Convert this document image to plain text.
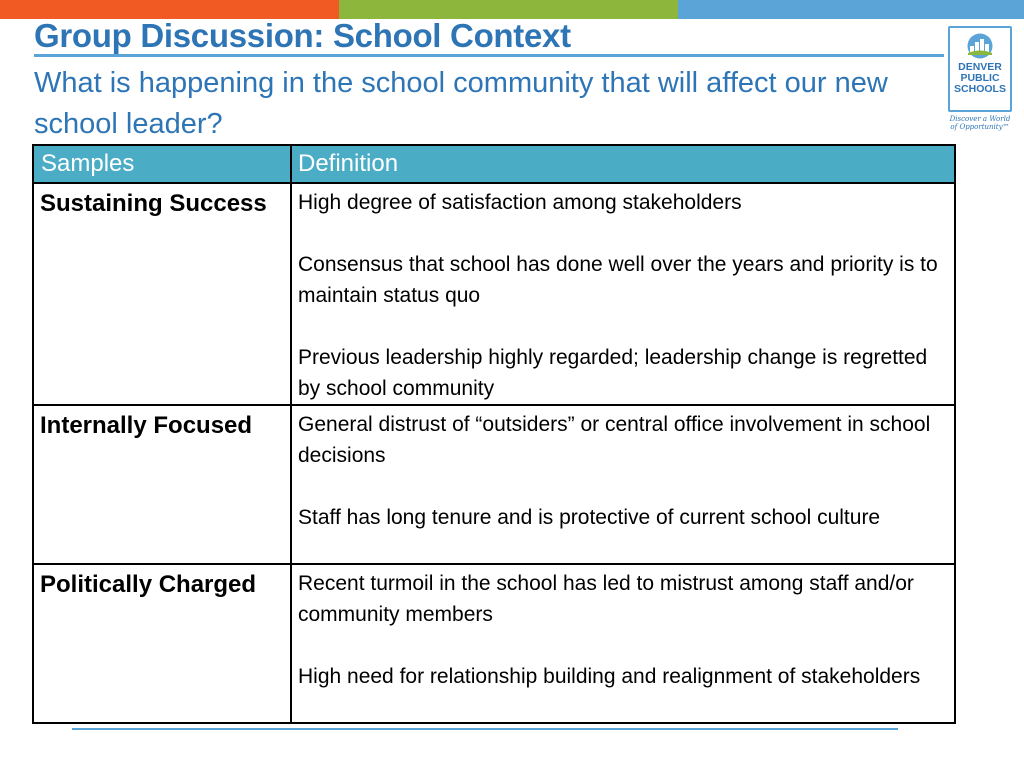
Group Discussion: School Context
What is happening in the school community that will affect our new school leader?
DENVER
PUBLIC
SCHOOLS
Discover a World
of Opportunity™
Samples	Definition

Sustaining Success	High degree of satisfaction among stakeholders
Consensus that school has done well over the years and priority is to maintain status quo
Previous leadership highly regarded; leadership change is regretted by school community

Internally Focused	General distrust of “outsiders” or central office involvement in school decisions
Staff has long tenure and is protective of current school culture

Politically Charged	Recent turmoil in the school has led to mistrust among staff and/or community members
High need for relationship building and realignment of stakeholders
